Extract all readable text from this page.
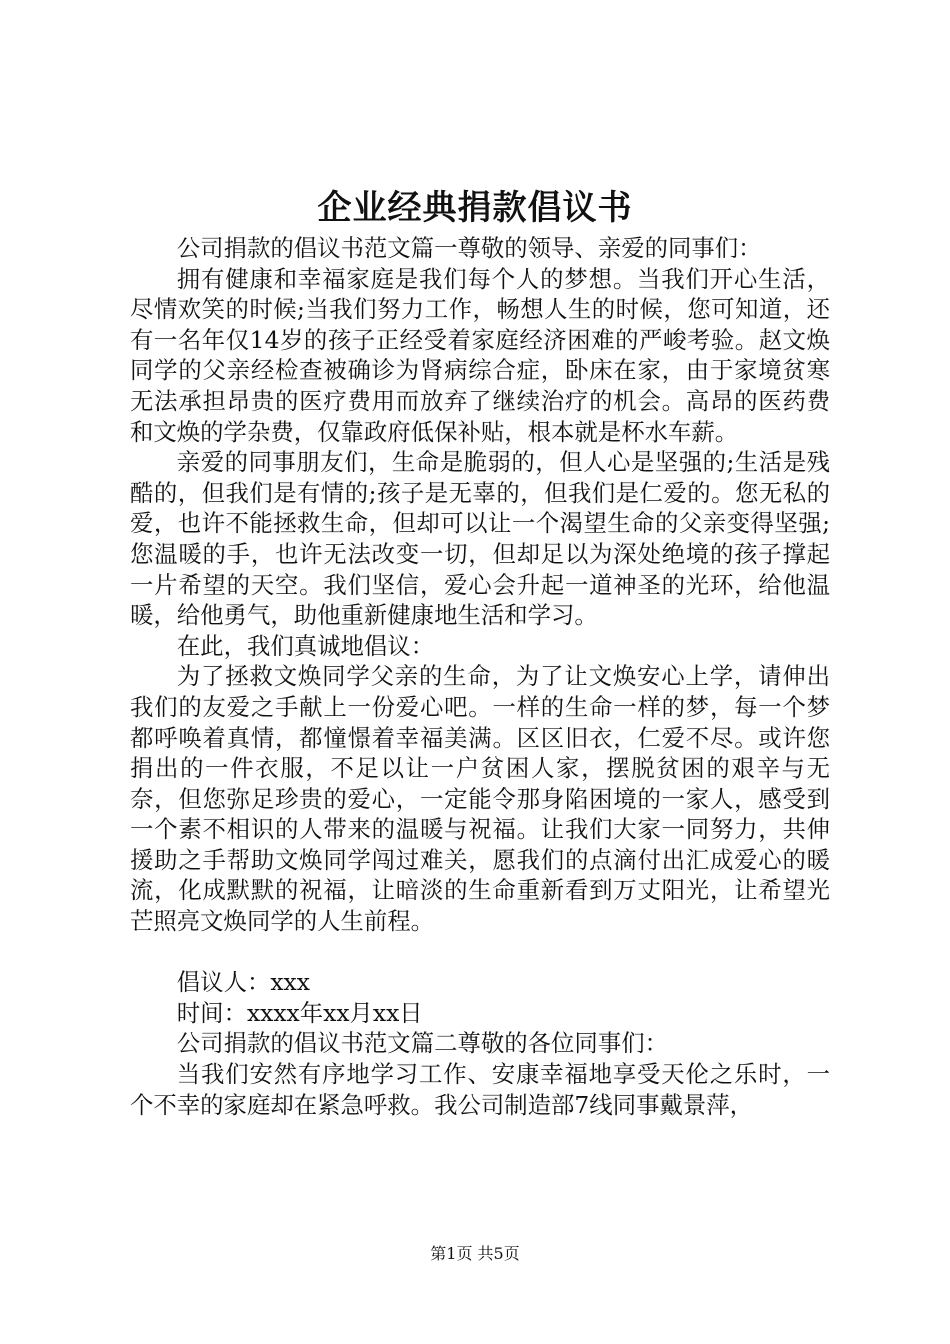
企业经典捐款倡议书

公司捐款的倡议书范文篇一尊敬的领导、亲爱的同事们：

拥有健康和幸福家庭是我们每个人的梦想。当我们开心生活，尽情欢笑的时候;当我们努力工作，畅想人生的时候，您可知道，还有一名年仅14岁的孩子正经受着家庭经济困难的严峻考验。赵文焕同学的父亲经检查被确诊为肾病综合症，卧床在家，由于家境贫寒无法承担昂贵的医疗费用而放弃了继续治疗的机会。高昂的医药费和文焕的学杂费，仅靠政府低保补贴，根本就是杯水车薪。

亲爱的同事朋友们，生命是脆弱的，但人心是坚强的;生活是残酷的，但我们是有情的;孩子是无辜的，但我们是仁爱的。您无私的爱，也许不能拯救生命，但却可以让一个渴望生命的父亲变得坚强;您温暖的手，也许无法改变一切，但却足以为深处绝境的孩子撑起一片希望的天空。我们坚信，爱心会升起一道神圣的光环，给他温暖，给他勇气，助他重新健康地生活和学习。

在此，我们真诚地倡议：

为了拯救文焕同学父亲的生命，为了让文焕安心上学，请伸出我们的友爱之手献上一份爱心吧。一样的生命一样的梦，每一个梦都呼唤着真情，都憧憬着幸福美满。区区旧衣，仁爱不尽。或许您捐出的一件衣服，不足以让一户贫困人家，摆脱贫困的艰辛与无奈，但您弥足珍贵的爱心，一定能令那身陷困境的一家人，感受到一个素不相识的人带来的温暖与祝福。让我们大家一同努力，共伸援助之手帮助文焕同学闯过难关，愿我们的点滴付出汇成爱心的暖流，化成默默的祝福，让暗淡的生命重新看到万丈阳光，让希望光芒照亮文焕同学的人生前程。

倡议人：xxx

时间：xxxx年xx月xx日

公司捐款的倡议书范文篇二尊敬的各位同事们：

当我们安然有序地学习工作、安康幸福地享受天伦之乐时，一个不幸的家庭却在紧急呼救。我公司制造部7线同事戴景萍，

第1页 共5页
